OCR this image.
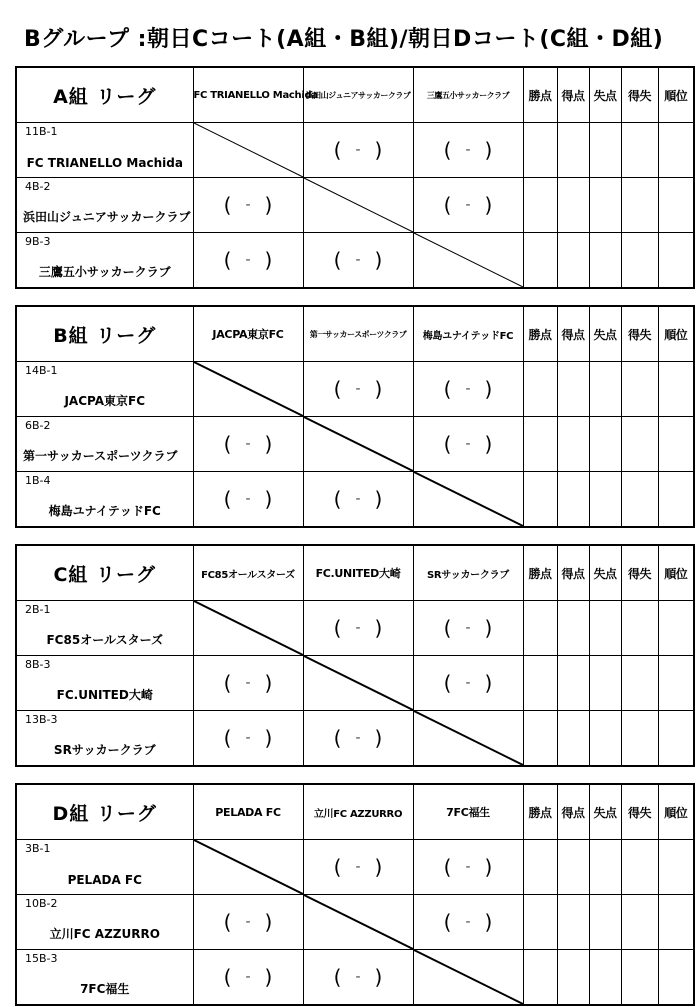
Bグループ :朝日Cコート(A組・B組)/朝日Dコート(C組・D組)
A組 リーグ	FC TRIANELLO Machida	浜田山ジュニアサッカークラブ	三鷹五小サッカークラブ	勝点	得点	失点	得失	順位

11B-1
FC TRIANELLO Machida		( - )	( - )					

4B-2
浜田山ジュニアサッカークラブ	( - )		( - )					

9B-3
三鷹五小サッカークラブ	( - )	( - )

B組 リーグ	JACPA東京FC	第一サッカースポーツクラブ	梅島ユナイテッドFC	勝点	得点	失点	得失	順位

14B-1
JACPA東京FC		( - )	( - )					

6B-2
第一サッカースポーツクラブ	( - )		( - )					

1B-4
梅島ユナイテッドFC	( - )	( - )

C組 リーグ	FC85オールスターズ	FC.UNITED大崎	SRサッカークラブ	勝点	得点	失点	得失	順位

2B-1
FC85オールスターズ		( - )	( - )					

8B-3
FC.UNITED大崎	( - )		( - )					

13B-3
SRサッカークラブ	( - )	( - )

D組 リーグ	PELADA FC	立川FC AZZURRO	7FC福生	勝点	得点	失点	得失	順位

3B-1
PELADA FC		( - )	( - )					

10B-2
立川FC AZZURRO	( - )		( - )					

15B-3
7FC福生	( - )	( - )
